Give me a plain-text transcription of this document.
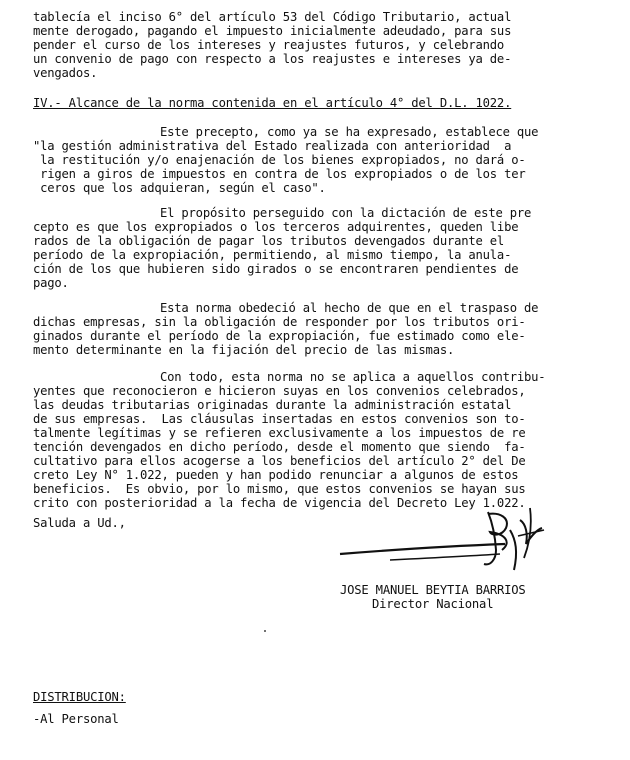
tablecía el inciso 6° del artículo 53 del Código Tributario, actual
mente derogado, pagando el impuesto inicialmente adeudado, para sus
pender el curso de los intereses y reajustes futuros, y celebrando
un convenio de pago con respecto a los reajustes e intereses ya de-
vengados.
IV.- Alcance de la norma contenida en el artículo 4° del D.L. 1022.
Este precepto, como ya se ha expresado, establece que
"la gestión administrativa del Estado realizada con anterioridad  a
la restitución y/o enajenación de los bienes expropiados, no dará o-
rigen a giros de impuestos en contra de los expropiados o de los ter
ceros que los adquieran, según el caso".
El propósito perseguido con la dictación de este pre
cepto es que los expropiados o los terceros adquirentes, queden libe
rados de la obligación de pagar los tributos devengados durante el
período de la expropiación, permitiendo, al mismo tiempo, la anula-
ción de los que hubieren sido girados o se encontraren pendientes de
pago.
Esta norma obedeció al hecho de que en el traspaso de
dichas empresas, sin la obligación de responder por los tributos ori-
ginados durante el período de la expropiación, fue estimado como ele-
mento determinante en la fijación del precio de las mismas.
Con todo, esta norma no se aplica a aquellos contribu-
yentes que reconocieron e hicieron suyas en los convenios celebrados,
las deudas tributarias originadas durante la administración estatal
de sus empresas.  Las cláusulas insertadas en estos convenios son to-
talmente legítimas y se refieren exclusivamente a los impuestos de re
tención devengados en dicho período, desde el momento que siendo  fa-
cultativo para ellos acogerse a los beneficios del artículo 2° del De
creto Ley N° 1.022, pueden y han podido renunciar a algunos de estos
beneficios.  Es obvio, por lo mismo, que estos convenios se hayan sus
crito con posterioridad a la fecha de vigencia del Decreto Ley 1.022.
Saluda a Ud.,
JOSE MANUEL BEYTIA BARRIOS
Director Nacional
DISTRIBUCION:
-Al Personal
